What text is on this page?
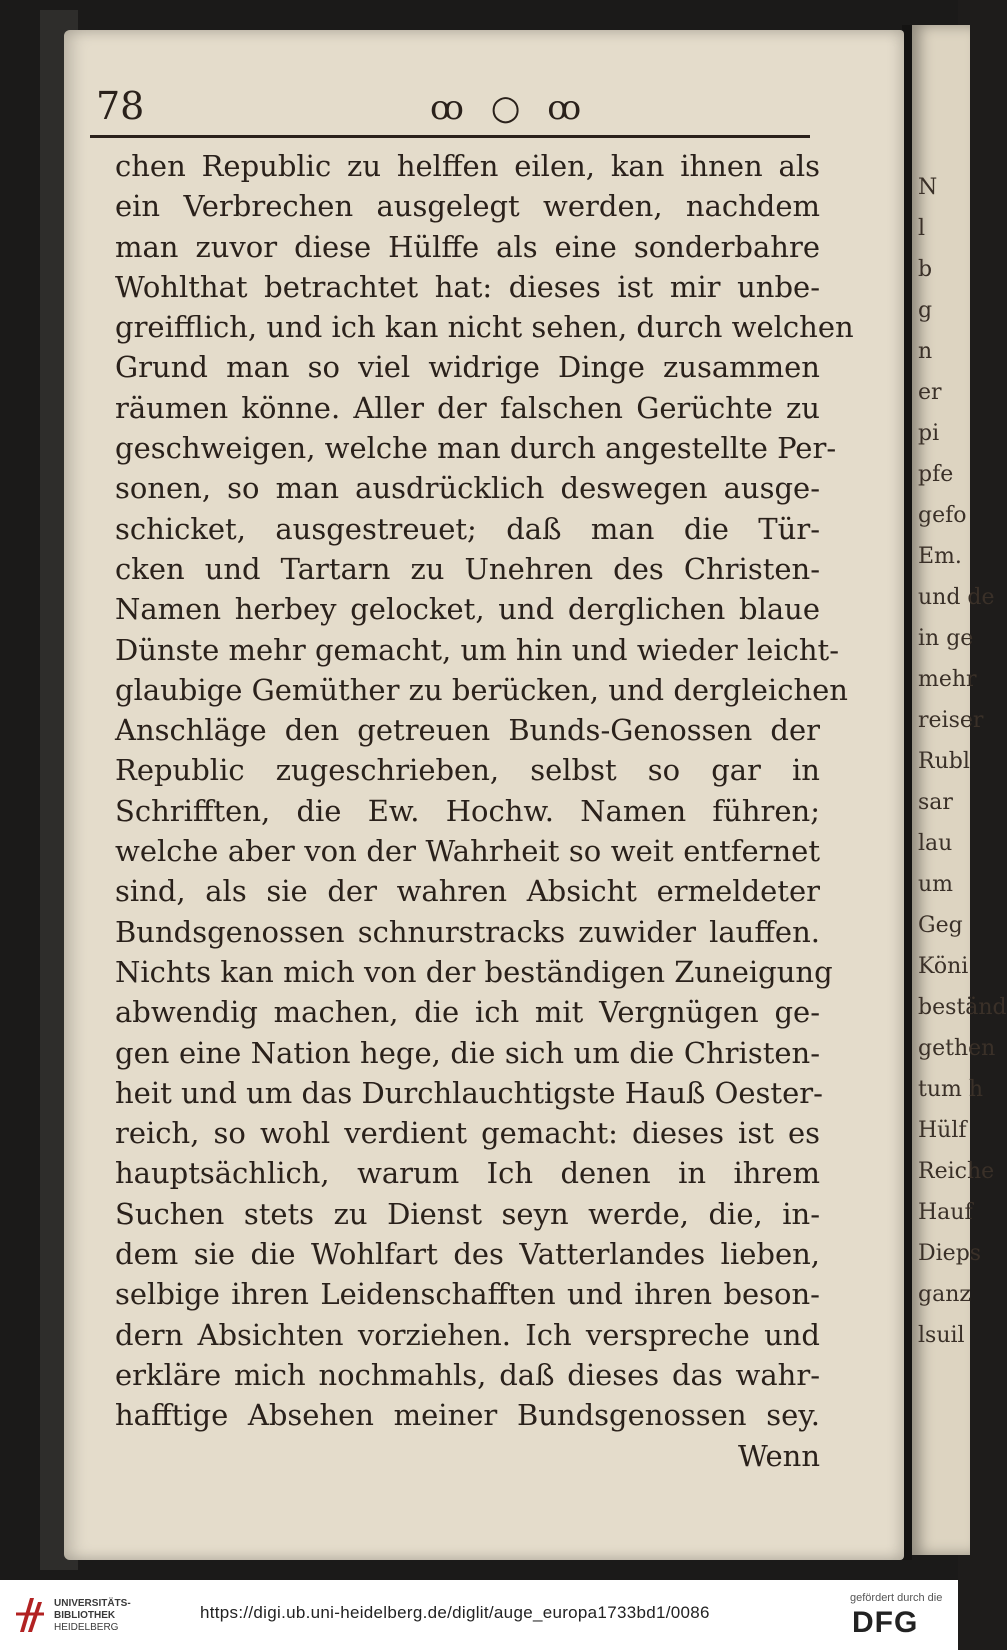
N
l
b
g
n
er
pi
pfe
gefo
Em.
und de
in ge
mehr
reiser
Rubl
sar
lau
um
Geg
Köni
beständ
gethen
tum h
Hülf
Reiche
Hauf
Dieps
ganz
lsuil
78	ꝏ ○ ꝏ
chen Republic zu helffen eilen, kan ihnen als
ein Verbrechen ausgelegt werden, nachdem
man zuvor diese Hülffe als eine sonderbahre
Wohlthat betrachtet hat: dieses ist mir unbe-
greifflich, und ich kan nicht sehen, durch welchen
Grund man so viel widrige Dinge zusammen
räumen könne. Aller der falschen Gerüchte zu
geschweigen, welche man durch angestellte Per-
sonen, so man ausdrücklich deswegen ausge-
schicket, ausgestreuet; daß man die Tür-
cken und Tartarn zu Unehren des Christen-
Namen herbey gelocket, und derglichen blaue
Dünste mehr gemacht, um hin und wieder leicht-
glaubige Gemüther zu berücken, und dergleichen
Anschläge den getreuen Bunds-Genossen der
Republic zugeschrieben, selbst so gar in
Schrifften, die Ew. Hochw. Namen führen;
welche aber von der Wahrheit so weit entfernet
sind, als sie der wahren Absicht ermeldeter
Bundsgenossen schnurstracks zuwider lauffen.
Nichts kan mich von der beständigen Zuneigung
abwendig machen, die ich mit Vergnügen ge-
gen eine Nation hege, die sich um die Christen-
heit und um das Durchlauchtigste Hauß Oester-
reich, so wohl verdient gemacht: dieses ist es
hauptsächlich, warum Ich denen in ihrem
Suchen stets zu Dienst seyn werde, die, in-
dem sie die Wohlfart des Vatterlandes lieben,
selbige ihren Leidenschafften und ihren beson-
dern Absichten vorziehen. Ich verspreche und
erkläre mich nochmahls, daß dieses das wahr-
hafftige Absehen meiner Bundsgenossen sey.
Wenn
UNIVERSITÄTS-
BIBLIOTHEK
HEIDELBERG
https://digi.ub.uni-heidelberg.de/diglit/auge_europa1733bd1/0086
gefördert durch die
DFG
